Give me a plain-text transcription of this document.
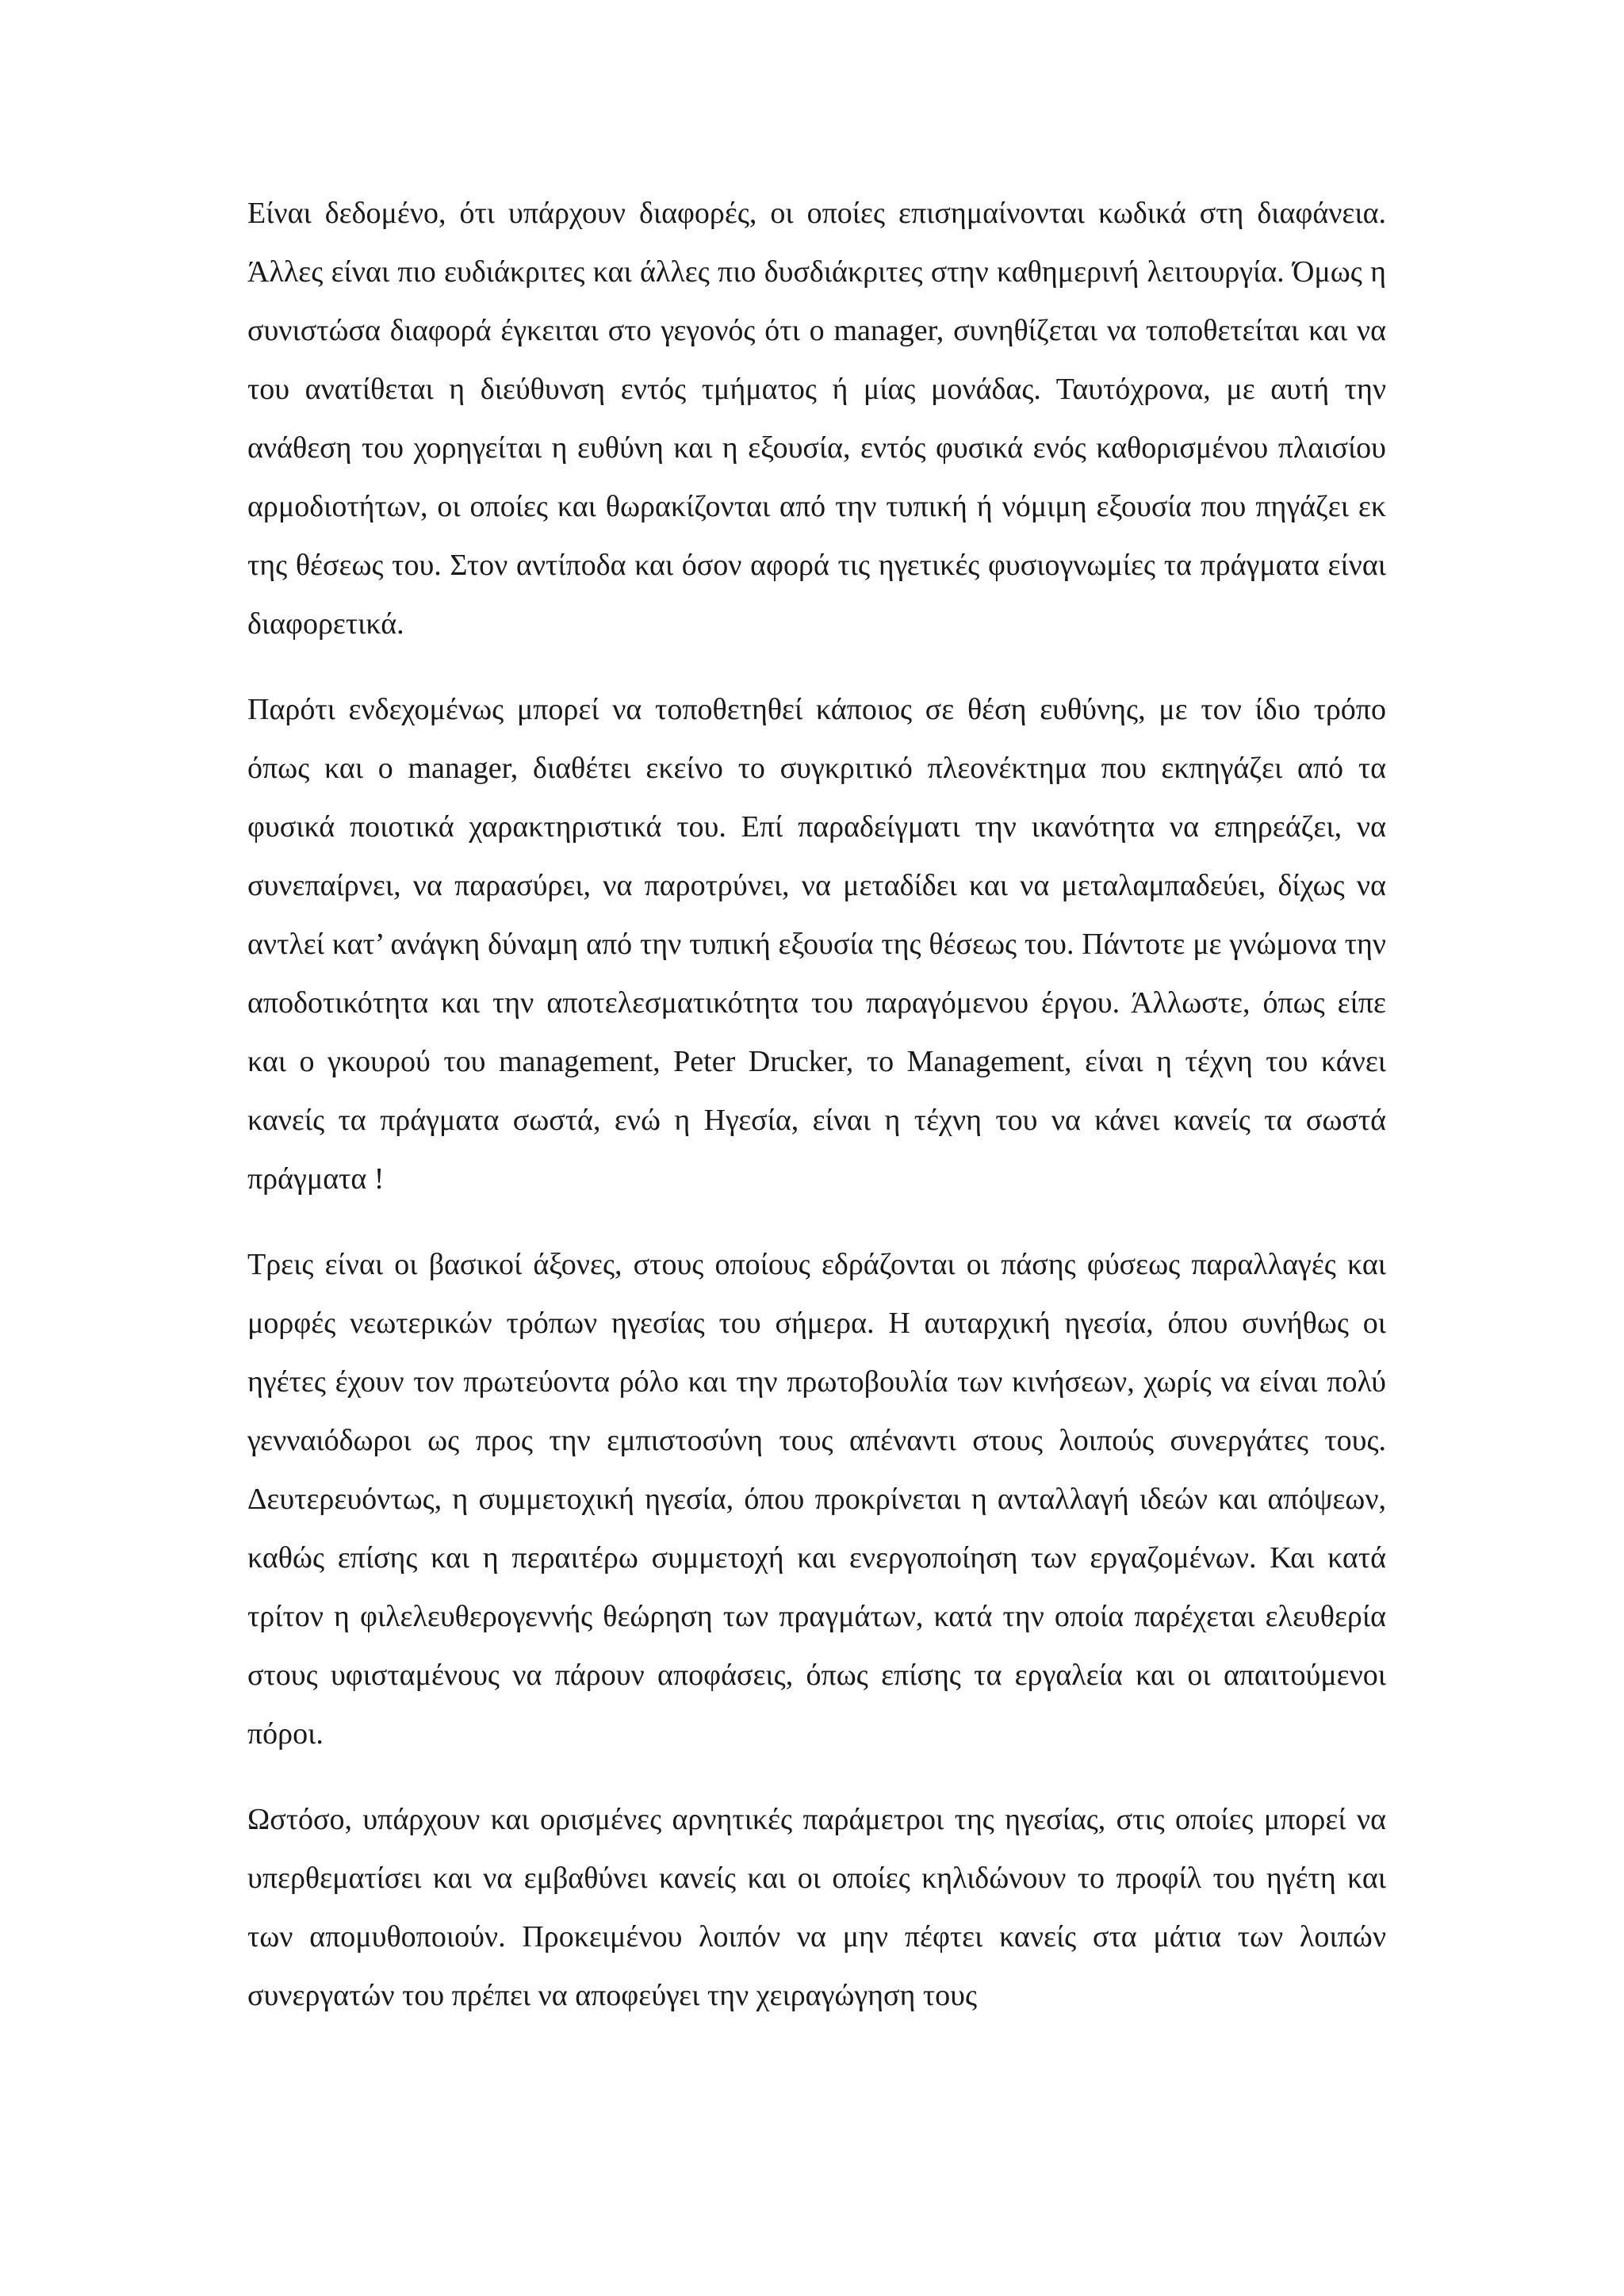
Είναι δεδομένο, ότι υπάρχουν διαφορές, οι οποίες επισημαίνονται κωδικά στη διαφάνεια. Άλλες είναι πιο ευδιάκριτες και άλλες πιο δυσδιάκριτες στην καθημερινή λειτουργία. Όμως η συνιστώσα διαφορά έγκειται στο γεγονός ότι ο manager, συνηθίζεται να τοποθετείται και να του ανατίθεται η διεύθυνση εντός τμήματος ή μίας μονάδας. Ταυτόχρονα, με αυτή την ανάθεση του χορηγείται η ευθύνη και η εξουσία, εντός φυσικά ενός καθορισμένου πλαισίου αρμοδιοτήτων, οι οποίες και θωρακίζονται από την τυπική ή νόμιμη εξουσία που πηγάζει εκ της θέσεως του. Στον αντίποδα και όσον αφορά τις ηγετικές φυσιογνωμίες τα πράγματα είναι διαφορετικά.

Παρότι ενδεχομένως μπορεί να τοποθετηθεί κάποιος σε θέση ευθύνης, με τον ίδιο τρόπο όπως και ο manager, διαθέτει εκείνο το συγκριτικό πλεονέκτημα που εκπηγάζει από τα φυσικά ποιοτικά χαρακτηριστικά του. Επί παραδείγματι την ικανότητα να επηρεάζει, να συνεπαίρνει, να παρασύρει, να παροτρύνει, να μεταδίδει και να μεταλαμπαδεύει, δίχως να αντλεί κατ’ ανάγκη δύναμη από την τυπική εξουσία της θέσεως του. Πάντοτε με γνώμονα την αποδοτικότητα και την αποτελεσματικότητα του παραγόμενου έργου. Άλλωστε, όπως είπε και ο γκουρού του management, Peter Drucker, το Management, είναι η τέχνη του κάνει κανείς τα πράγματα σωστά, ενώ η Ηγεσία, είναι η τέχνη του να κάνει κανείς τα σωστά πράγματα !

Τρεις είναι οι βασικοί άξονες, στους οποίους εδράζονται οι πάσης φύσεως παραλλαγές και μορφές νεωτερικών τρόπων ηγεσίας του σήμερα. Η αυταρχική ηγεσία, όπου συνήθως οι ηγέτες έχουν τον πρωτεύοντα ρόλο και την πρωτοβουλία των κινήσεων, χωρίς να είναι πολύ γενναιόδωροι ως προς την εμπιστοσύνη τους απέναντι στους λοιπούς συνεργάτες τους. Δευτερευόντως, η συμμετοχική ηγεσία, όπου προκρίνεται η ανταλλαγή ιδεών και απόψεων, καθώς επίσης και η περαιτέρω συμμετοχή και ενεργοποίηση των εργαζομένων. Και κατά τρίτον η φιλελευθερογεννής θεώρηση των πραγμάτων, κατά την οποία παρέχεται ελευθερία στους υφισταμένους να πάρουν αποφάσεις, όπως επίσης τα εργαλεία και οι απαιτούμενοι πόροι.

Ωστόσο, υπάρχουν και ορισμένες αρνητικές παράμετροι της ηγεσίας, στις οποίες μπορεί να υπερθεματίσει και να εμβαθύνει κανείς και οι οποίες κηλιδώνουν το προφίλ του ηγέτη και των απομυθοποιούν. Προκειμένου λοιπόν να μην πέφτει κανείς στα μάτια των λοιπών συνεργατών του πρέπει να αποφεύγει την χειραγώγηση τους
